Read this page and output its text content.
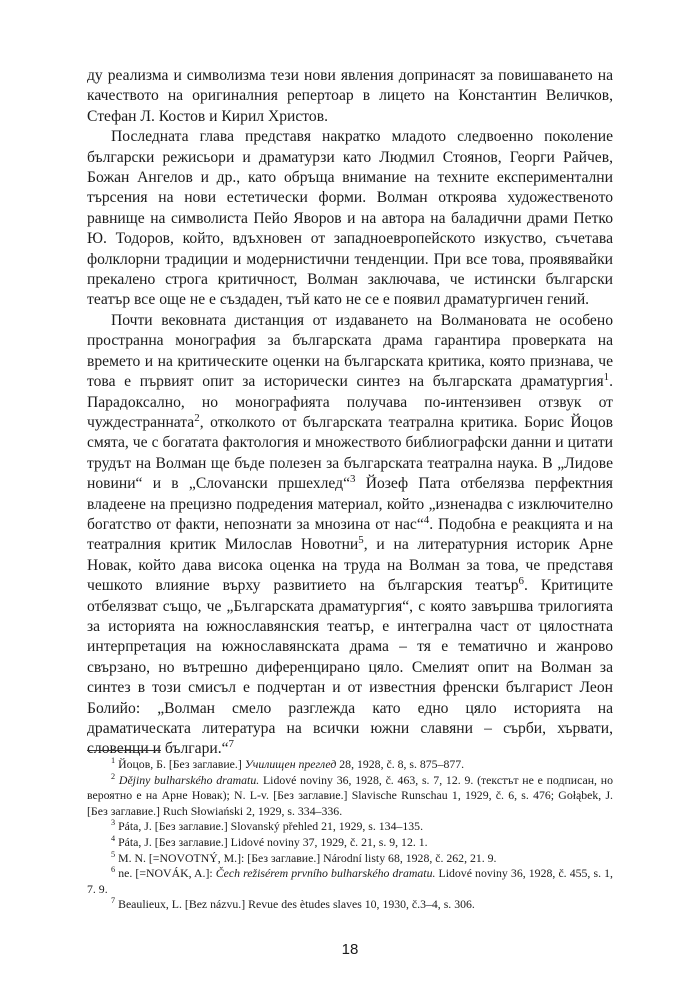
ду реализма и символизма тези нови явления допринасят за повишаването на качеството на оригиналния репертоар в лицето на Константин Величков, Стефан Л. Костов и Кирил Христов.

Последната глава представя накратко младото следвоенно поколение български режисьори и драматурзи като Людмил Стоянов, Георги Райчев, Божан Ангелов и др., като обръща внимание на техните експериментални търсения на нови естетически форми. Волман откроява художественото равнище на символиста Пейо Яворов и на автора на баладични драми Петко Ю. Тодоров, който, вдъхновен от западноевропейското изкуство, съчетава фолклорни традиции и модернистични тенденции. При все това, проявявайки прекалено строга критичност, Волман заключава, че истински български театър все още не е създаден, тъй като не се е появил драматургичен гений.

Почти вековната дистанция от издаването на Волмановата не особено пространна монография за българската драма гарантира проверката на времето и на критическите оценки на българската критика, която признава, че това е първият опит за исторически синтез на българската драматургия$^1$. Парадоксално, но монографията получава по-интензивен отзвук от чуждестранната$^2$, отколкото от българската театрална критика. Борис Йоцов смята, че с богатата фактология и множеството библиографски данни и цитати трудът на Волман ще бъде полезен за българската театрална наука. В „Лидове новини“ и в „Слovански пршехлед“$^3$ Йозеф Пата отбелязва перфектния владеене на прецизно подредения материал, който „изненадва с изключително богатство от факти, непознати за мнозина от нас“$^4$. Подобна е реакцията и на театралния критик Милослав Новотни$^5$, и на литературния историк Арне Новак, който дава висока оценка на труда на Волман за това, че представя чешкото влияние върху развитието на българския театър$^6$. Критиците отбелязват също, че „Българската драматургия“, с която завършва трилогията за историята на южнославянския театър, е интегрална част от цялостната интерпретация на южнославянската драма – тя е тематично и жанрово свързано, но вътрешно диференцирано цяло. Смелият опит на Волман за синтез в този смисъл е подчертан и от известния френски българист Леон Болийо: „Волман смело разглежда като едно цяло историята на драматическата литература на всички южни славяни – сърби, хървати, словенци и българи.“$^7$

$^1$ Йоцов, Б. [Без заглавие.] Училищен преглед 28, 1928, č. 8, s. 875–877.

$^2$ Dějiny bulharského dramatu. Lidové noviny 36, 1928, č. 463, s. 7, 12. 9. (текстът не е подписан, но вероятно е на Арне Новак); N. L-v. [Без заглавие.] Slavische Runschau 1, 1929, č. 6, s. 476; Gołąbek, J. [Без заглавие.] Ruch Słowiański 2, 1929, s. 334–336.

$^3$ Páta, J. [Без заглавие.] Slovanský přehled 21, 1929, s. 134–135.

$^4$ Páta, J. [Без заглавие.] Lidové noviny 37, 1929, č. 21, s. 9, 12. 1.

$^5$ M. N. [=NOVOTNÝ, M.]: [Без заглавие.] Národní listy 68, 1928, č. 262, 21. 9.

$^6$ ne. [=NOVÁK, A.]: Čech režisérem prvního bulharského dramatu. Lidové noviny 36, 1928, č. 455, s. 1, 7. 9.

$^7$ Beaulieux, L. [Bez názvu.] Revue des ètudes slaves 10, 1930, č.3–4, s. 306.

18
